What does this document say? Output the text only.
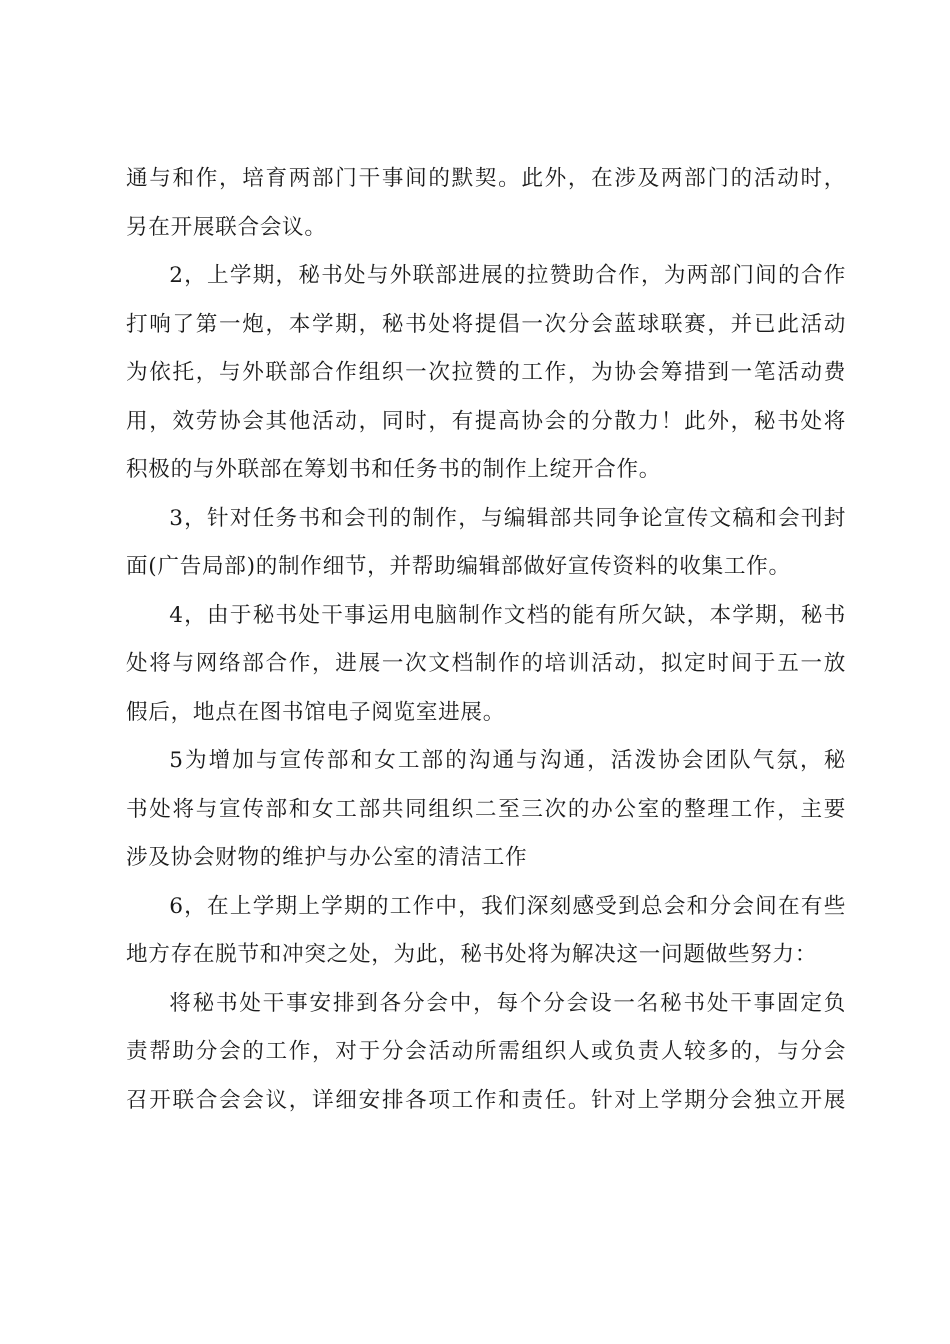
通与和作，培育两部门干事间的默契。此外，在涉及两部门的活动时，
另在开展联合会议。

2，上学期，秘书处与外联部进展的拉赞助合作，为两部门间的合作
打响了第一炮，本学期，秘书处将提倡一次分会蓝球联赛，并已此活动
为依托，与外联部合作组织一次拉赞的工作，为协会筹措到一笔活动费
用，效劳协会其他活动，同时，有提高协会的分散力！此外，秘书处将
积极的与外联部在筹划书和任务书的制作上绽开合作。

3，针对任务书和会刊的制作，与编辑部共同争论宣传文稿和会刊封
面(广告局部)的制作细节，并帮助编辑部做好宣传资料的收集工作。

4，由于秘书处干事运用电脑制作文档的能有所欠缺，本学期，秘书
处将与网络部合作，进展一次文档制作的培训活动，拟定时间于五一放
假后，地点在图书馆电子阅览室进展。

5为增加与宣传部和女工部的沟通与沟通，活泼协会团队气氛，秘
书处将与宣传部和女工部共同组织二至三次的办公室的整理工作，主要
涉及协会财物的维护与办公室的清洁工作

6，在上学期上学期的工作中，我们深刻感受到总会和分会间在有些
地方存在脱节和冲突之处，为此，秘书处将为解决这一问题做些努力：

将秘书处干事安排到各分会中，每个分会设一名秘书处干事固定负
责帮助分会的工作，对于分会活动所需组织人或负责人较多的，与分会
召开联合会会议，详细安排各项工作和责任。针对上学期分会独立开展
